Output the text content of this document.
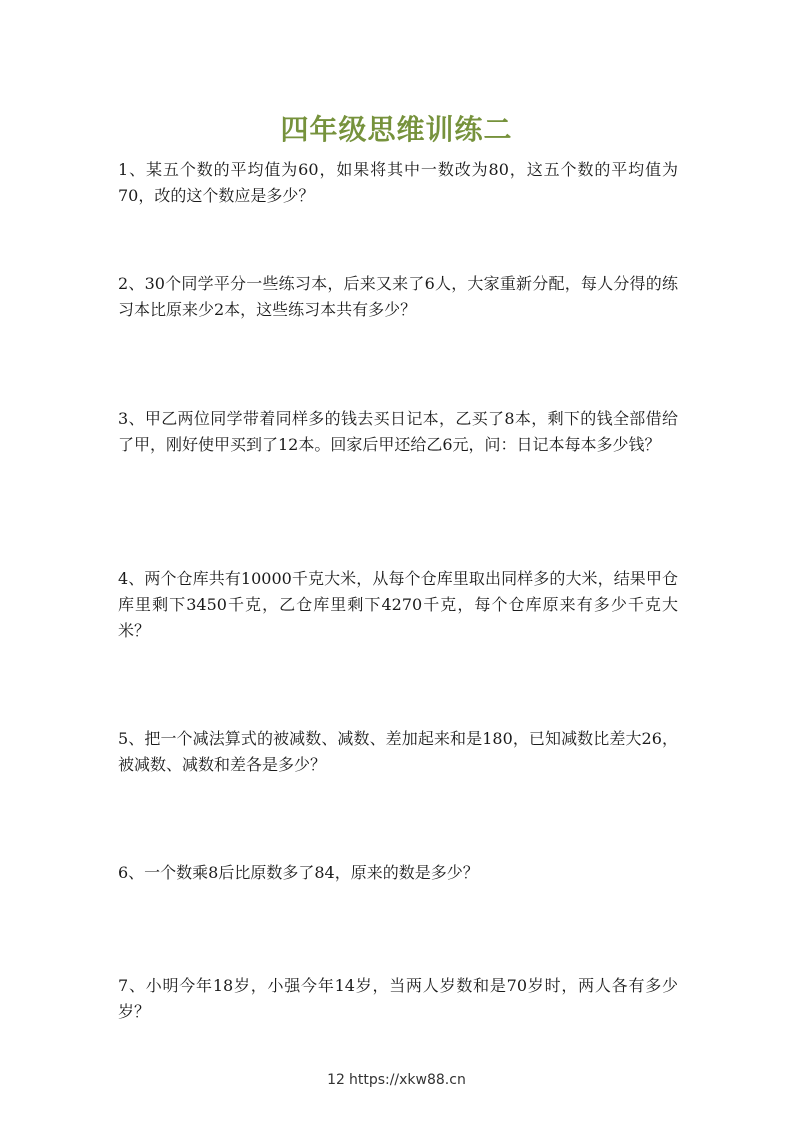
四年级思维训练二
1、某五个数的平均值为60，如果将其中一数改为80，这五个数的平均值为70，改的这个数应是多少？
2、30个同学平分一些练习本，后来又来了6人，大家重新分配，每人分得的练习本比原来少2本，这些练习本共有多少？
3、甲乙两位同学带着同样多的钱去买日记本，乙买了8本，剩下的钱全部借给了甲，刚好使甲买到了12本。回家后甲还给乙6元，问：日记本每本多少钱？
4、两个仓库共有10000千克大米，从每个仓库里取出同样多的大米，结果甲仓库里剩下3450千克，乙仓库里剩下4270千克，每个仓库原来有多少千克大米？
5、把一个减法算式的被减数、减数、差加起来和是180，已知减数比差大26，被减数、减数和差各是多少？
6、一个数乘8后比原数多了84，原来的数是多少？
7、小明今年18岁，小强今年14岁，当两人岁数和是70岁时，两人各有多少岁？
12 https://xkw88.cn
